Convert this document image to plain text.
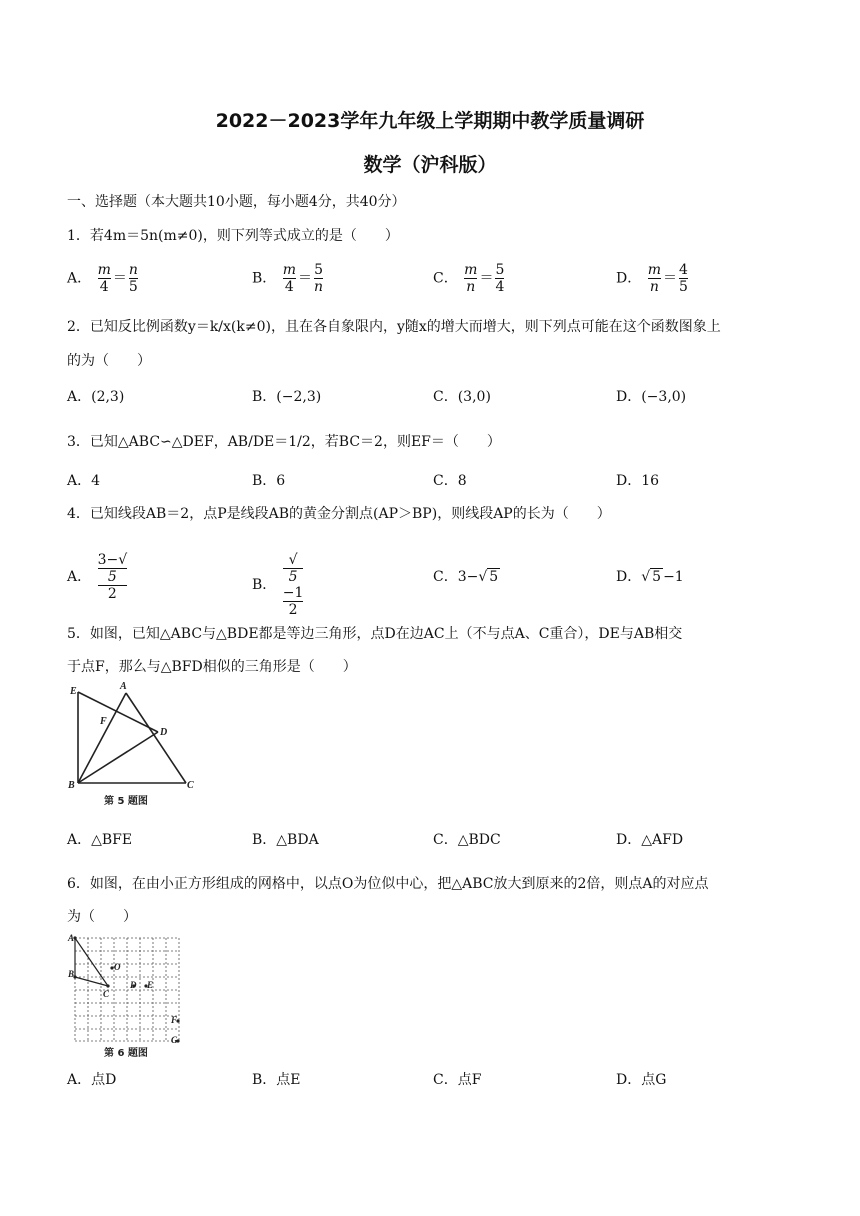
2022－2023学年九年级上学期期中教学质量调研
数学（沪科版）
一、选择题（本大题共10小题，每小题4分，共40分）
1．若4m＝5n(m≠0)，则下列等式成立的是（　　）
A． $\frac{m}{4} = \frac{n}{5}$	B． $\frac{m}{4} = \frac{5}{n}$	C． $\frac{m}{n} = \frac{5}{4}$	D． $\frac{m}{n} = \frac{4}{5}$
2．已知反比例函数y＝k/x(k≠0)，且在各自象限内，y随x的增大而增大，则下列点可能在这个函数图象上
的为（　　）
A．(2,3)	B．(−2,3)	C．(3,0)	D．(−3,0)
3．已知△ABC∽△DEF，AB/DE＝1/2，若BC＝2，则EF＝（　　）
A．4	B．6	C．8	D．16
4．已知线段AB＝2，点P是线段AB的黄金分割点(AP＞BP)，则线段AP的长为（　　）
A． 3−√
5
2	B． √
5
−1
2	C．3−√ 5	D．√ 5 −1
5．如图，已知△ABC与△BDE都是等边三角形，点D在边AC上（不与点A、C重合），DE与AB相交
于点F，那么与△BFD相似的三角形是（　　）
E	A
F
D
B	C
第 5 题图
A．△BFE	B．△BDA	C．△BDC	D．△AFD
6．如图，在由小正方形组成的网格中，以点O为位似中心，把△ABC放大到原来的2倍，则点A的对应点
为（　　）
A
B
O
C
D E
F
G
第 6 题图
A．点D	B．点E	C．点F	D．点G
